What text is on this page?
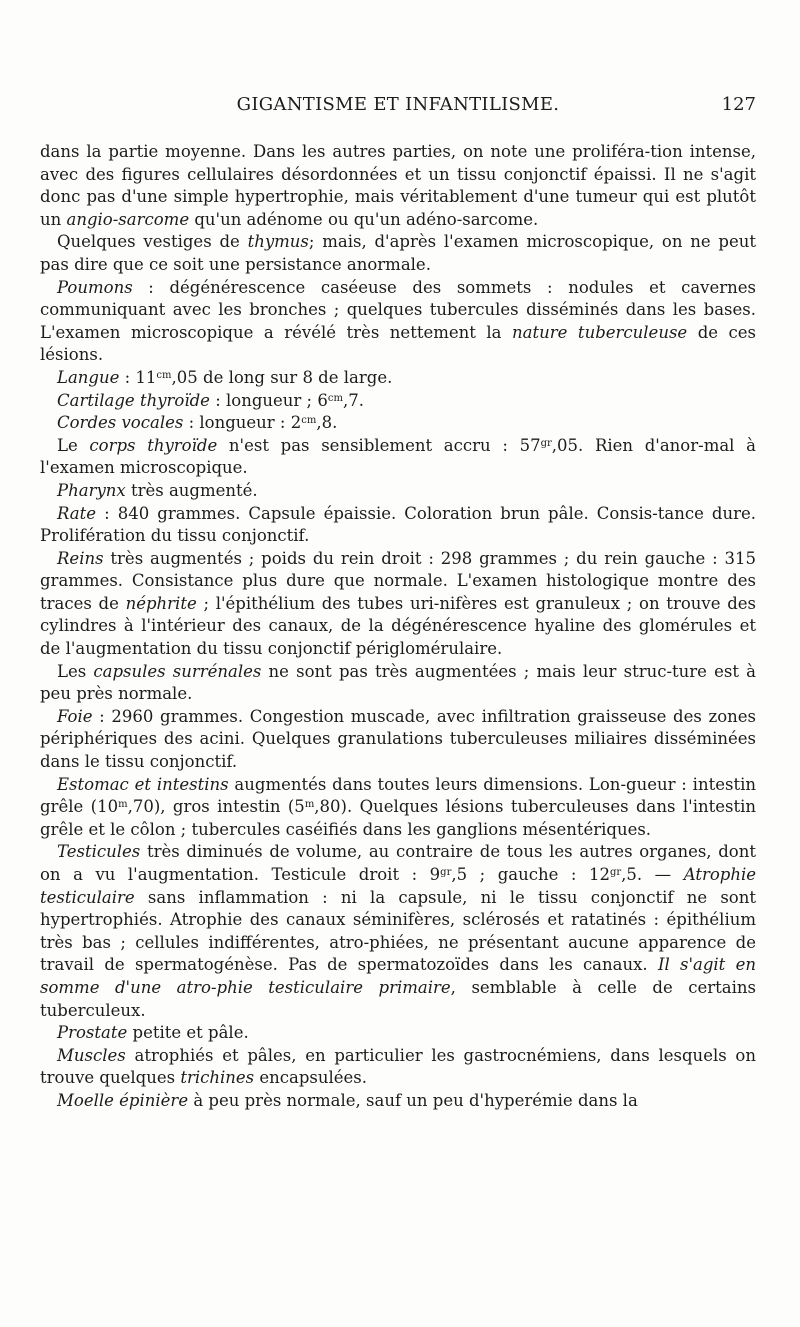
GIGANTISME ET INFANTILISME.	127

dans la partie moyenne. Dans les autres parties, on note une proliféra-tion intense, avec des figures cellulaires désordonnées et un tissu conjonctif épaissi. Il ne s'agit donc pas d'une simple hypertrophie, mais véritablement d'une tumeur qui est plutôt un angio-sarcome qu'un adénome ou qu'un adéno-sarcome.

Quelques vestiges de thymus; mais, d'après l'examen microscopique, on ne peut pas dire que ce soit une persistance anormale.

Poumons : dégénérescence caséeuse des sommets : nodules et cavernes communiquant avec les bronches ; quelques tubercules disséminés dans les bases. L'examen microscopique a révélé très nettement la nature tuberculeuse de ces lésions.

Langue : $11^{cm},05$ de long sur 8 de large.

Cartilage thyroïde : longueur ; $6^{cm},7$.

Cordes vocales : longueur : $2^{cm},8$.

Le corps thyroïde n'est pas sensiblement accru : $57^{gr},05$. Rien d'anor-mal à l'examen microscopique.

Pharynx très augmenté.

Rate : 840 grammes. Capsule épaissie. Coloration brun pâle. Consis-tance dure. Prolifération du tissu conjonctif.

Reins très augmentés ; poids du rein droit : 298 grammes ; du rein gauche : 315 grammes. Consistance plus dure que normale. L'examen histologique montre des traces de néphrite ; l'épithélium des tubes uri-nifères est granuleux ; on trouve des cylindres à l'intérieur des canaux, de la dégénérescence hyaline des glomérules et de l'augmentation du tissu conjonctif périglomérulaire.

Les capsules surrénales ne sont pas très augmentées ; mais leur struc-ture est à peu près normale.

Foie : 2960 grammes. Congestion muscade, avec infiltration graisseuse des zones périphériques des acini. Quelques granulations tuberculeuses miliaires disséminées dans le tissu conjonctif.

Estomac et intestins augmentés dans toutes leurs dimensions. Lon-gueur : intestin grêle (10$^m$,70), gros intestin (5$^m$,80). Quelques lésions tuberculeuses dans l'intestin grêle et le côlon ; tubercules caséifiés dans les ganglions mésentériques.

Testicules très diminués de volume, au contraire de tous les autres organes, dont on a vu l'augmentation. Testicule droit : $9^{gr},5$ ; gauche : $12^{gr},5$. — Atrophie testiculaire sans inflammation : ni la capsule, ni le tissu conjonctif ne sont hypertrophiés. Atrophie des canaux séminifères, sclérosés et ratatinés : épithélium très bas ; cellules indifférentes, atro-phiées, ne présentant aucune apparence de travail de spermatogénèse. Pas de spermatozoïdes dans les canaux. Il s'agit en somme d'une atro-phie testiculaire primaire, semblable à celle de certains tuberculeux.

Prostate petite et pâle.

Muscles atrophiés et pâles, en particulier les gastrocnémiens, dans lesquels on trouve quelques trichines encapsulées.

Moelle épinière à peu près normale, sauf un peu d'hyperémie dans la
